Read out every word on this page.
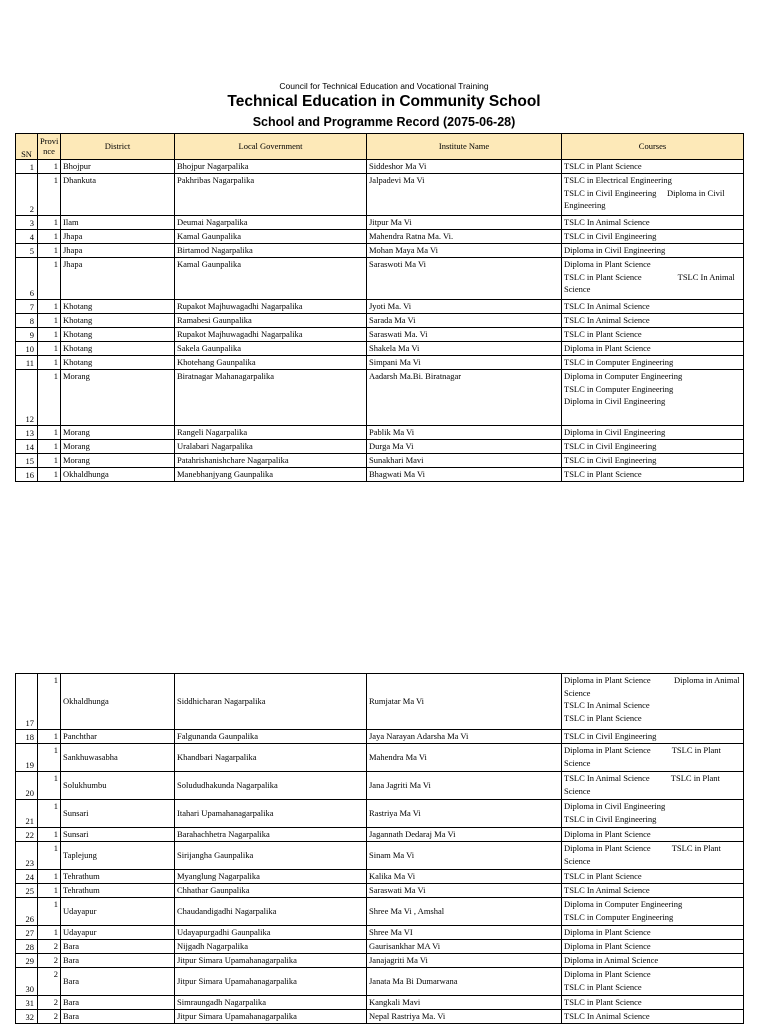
Council for Technical Education and Vocational Training
Technical Education in Community School
School and Programme Record (2075-06-28)
SN	Provi nce	District	Local Government	Institute Name	Courses
1	1	Bhojpur	Bhojpur Nagarpalika	Siddeshor Ma Vi	TSLC in Plant Science
2	1	Dhankuta	Pakhribas Nagarpalika	Jalpadevi Ma Vi	TSLC in Electrical Engineering
TSLC in Civil Engineering     Diploma in Civil Engineering
3	1	Ilam	Deumai Nagarpalika	Jitpur Ma Vi	TSLC In Animal Science
4	1	Jhapa	Kamal Gaunpalika	Mahendra Ratna Ma. Vi.	TSLC in Civil Engineering
5	1	Jhapa	Birtamod Nagarpalika	Mohan Maya Ma Vi	Diploma in Civil Engineering
6	1	Jhapa	Kamal Gaunpalika	Saraswoti Ma Vi	Diploma in Plant Science
TSLC in Plant Science                 TSLC In Animal Science
7	1	Khotang	Rupakot Majhuwagadhi Nagarpalika	Jyoti Ma. Vi	TSLC In Animal Science
8	1	Khotang	Ramabesi Gaunpalika	Sarada Ma Vi	TSLC In Animal Science
9	1	Khotang	Rupakot Majhuwagadhi Nagarpalika	Saraswati Ma. Vi	TSLC in Plant Science
10	1	Khotang	Sakela Gaunpalika	Shakela Ma Vi	Diploma in Plant Science
11	1	Khotang	Khotehang Gaunpalika	Simpani Ma Vi	TSLC in Computer Engineering
12	1	Morang	Biratnagar Mahanagarpalika	Aadarsh Ma.Bi. Biratnagar	Diploma in Computer Engineering
TSLC in Computer Engineering
Diploma in Civil Engineering
13	1	Morang	Rangeli Nagarpalika	Pablik Ma Vi	Diploma in Civil Engineering
14	1	Morang	Uralabari Nagarpalika	Durga Ma Vi	TSLC in Civil Engineering
15	1	Morang	Patahrishanishchare Nagarpalika	Sunakhari Mavi	TSLC in Civil Engineering
16	1	Okhaldhunga	Manebhanjyang Gaunpalika	Bhagwati Ma Vi	TSLC in Plant Science
17	1	Okhaldhunga	Siddhicharan Nagarpalika	Rumjatar Ma Vi	Diploma in Plant Science           Diploma in Animal Science
TSLC In Animal Science
TSLC in Plant Science
18	1	Panchthar	Falgunanda Gaunpalika	Jaya Narayan Adarsha Ma Vi	TSLC in Civil Engineering
19	1	Sankhuwasabha	Khandbari Nagarpalika	Mahendra Ma Vi	Diploma in Plant Science          TSLC in Plant Science
20	1	Solukhumbu	Solududhakunda Nagarpalika	Jana Jagriti Ma Vi	TSLC In Animal Science          TSLC in Plant Science
21	1	Sunsari	Itahari Upamahanagarpalika	Rastriya Ma Vi	Diploma in Civil Engineering
TSLC in Civil Engineering
22	1	Sunsari	Barahachhetra Nagarpalika	Jagannath Dedaraj Ma Vi	Diploma in Plant Science
23	1	Taplejung	Sirijangha Gaunpalika	Sinam Ma Vi	Diploma in Plant Science          TSLC in Plant Science
24	1	Tehrathum	Myanglung Nagarpalika	Kalika Ma Vi	TSLC in Plant Science
25	1	Tehrathum	Chhathar Gaunpalika	Saraswati Ma Vi	TSLC In Animal Science
26	1	Udayapur	Chaudandigadhi Nagarpalika	Shree Ma Vi , Amshal	Diploma in Computer Engineering
TSLC in Computer Engineering
27	1	Udayapur	Udayapurgadhi Gaunpalika	Shree Ma VI	Diploma in Plant Science
28	2	Bara	Nijgadh Nagarpalika	Gaurisankhar MA Vi	Diploma in Plant Science
29	2	Bara	Jitpur Simara Upamahanagarpalika	Janajagriti Ma Vi	Diploma in Animal Science
30	2	Bara	Jitpur Simara Upamahanagarpalika	Janata Ma Bi Dumarwana	Diploma in Plant Science
TSLC in Plant Science
31	2	Bara	Simraungadh Nagarpalika	Kangkali Mavi	TSLC in Plant Science
32	2	Bara	Jitpur Simara Upamahanagarpalika	Nepal Rastriya Ma. Vi	TSLC In Animal Science
